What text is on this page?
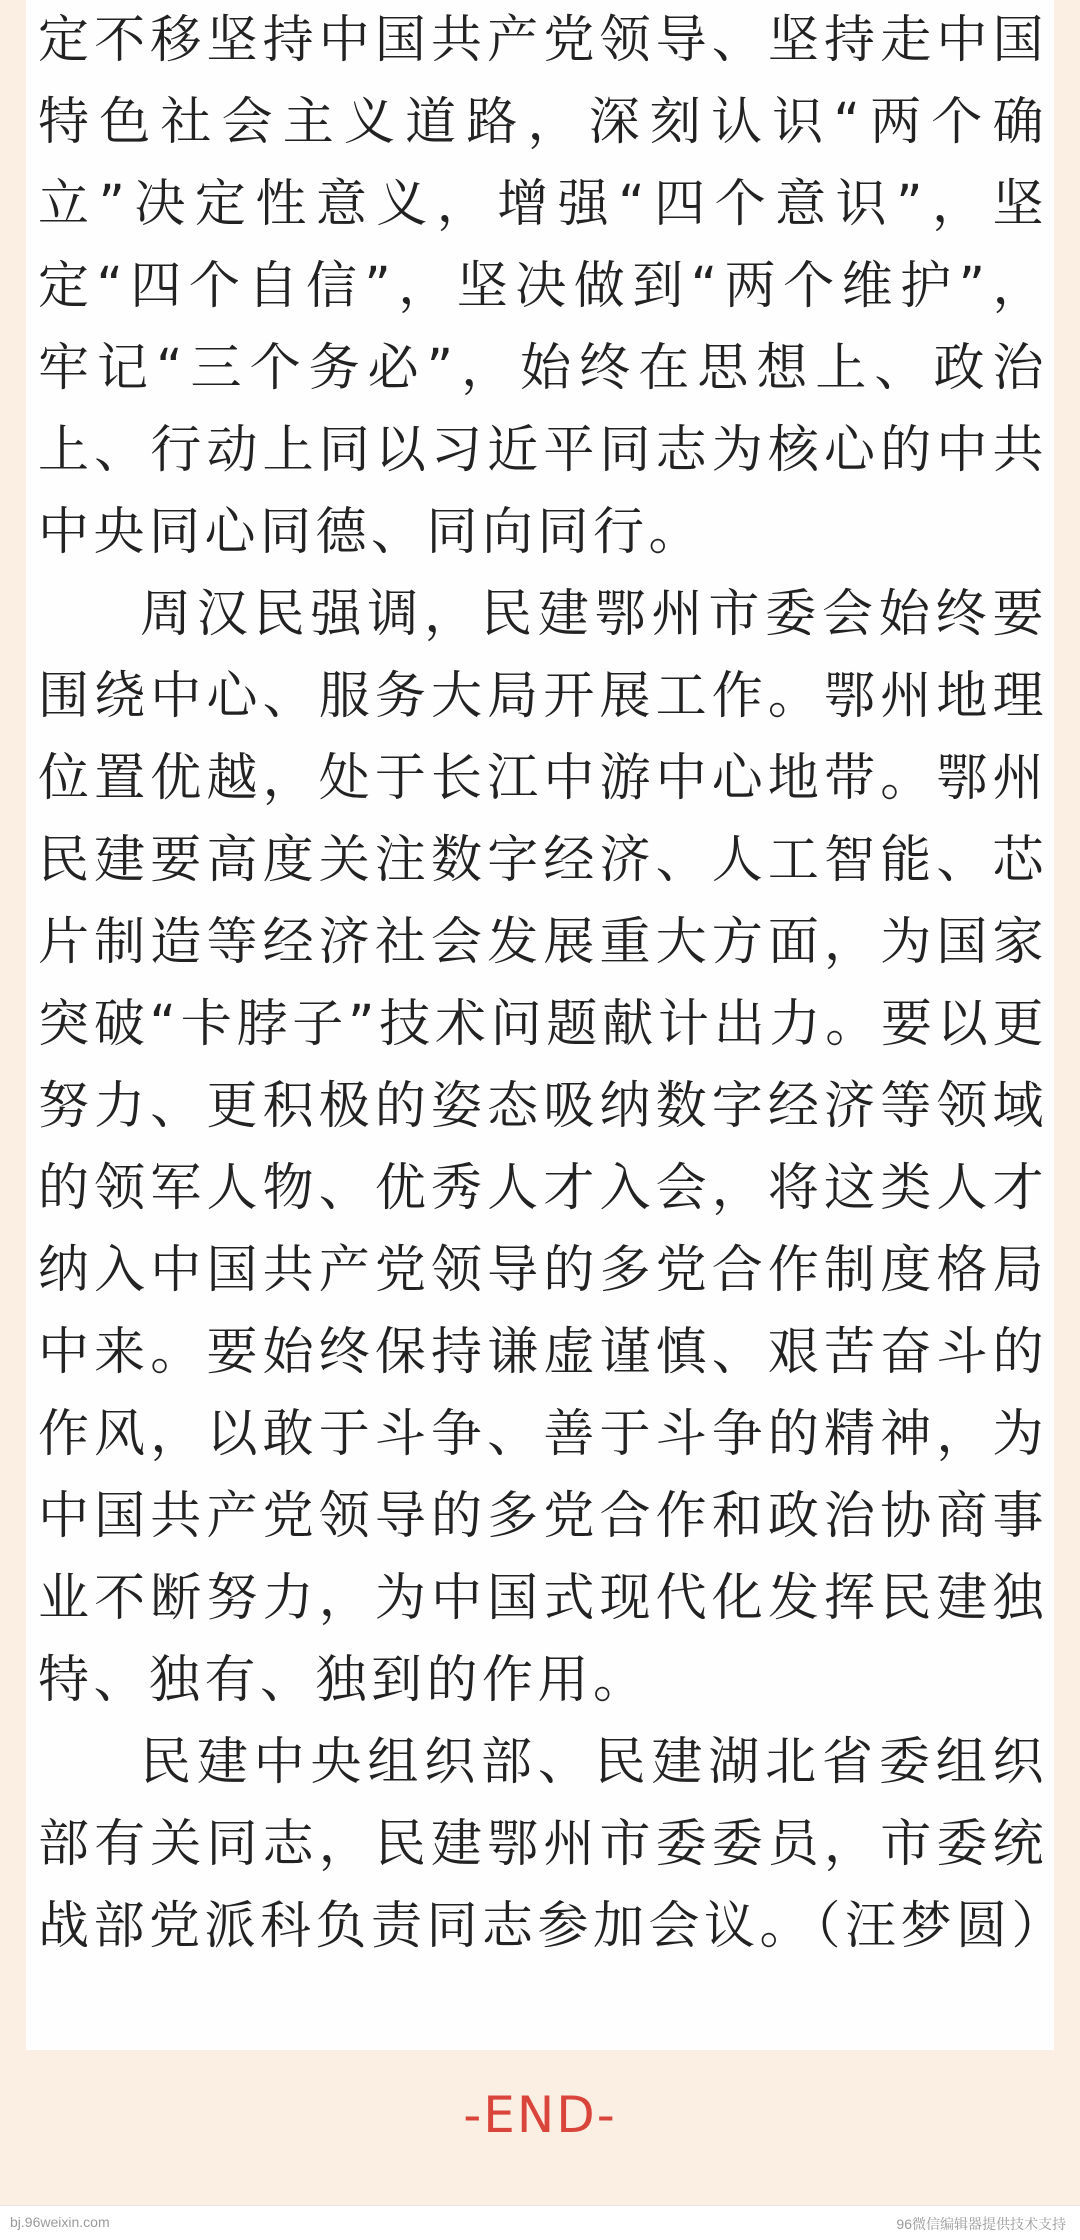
定不移坚持中国共产党领导、坚持走中国特色社会主义道路，深刻认识“两个确立”决定性意义，增强“四个意识”，坚定“四个自信”，坚决做到“两个维护”，牢记“三个务必”，始终在思想上、政治上、行动上同以习近平同志为核心的中共中央同心同德、同向同行。

周汉民强调，民建鄂州市委会始终要围绕中心、服务大局开展工作。鄂州地理位置优越，处于长江中游中心地带。鄂州民建要高度关注数字经济、人工智能、芯片制造等经济社会发展重大方面，为国家突破“卡脖子”技术问题献计出力。要以更努力、更积极的姿态吸纳数字经济等领域的领军人物、优秀人才入会，将这类人才纳入中国共产党领导的多党合作制度格局中来。要始终保持谦虚谨慎、艰苦奋斗的作风，以敢于斗争、善于斗争的精神，为中国共产党领导的多党合作和政治协商事业不断努力，为中国式现代化发挥民建独特、独有、独到的作用。

民建中央组织部、民建湖北省委组织部有关同志，民建鄂州市委委员，市委统战部党派科负责同志参加会议。（汪梦圆）

-END-
bj.96weixin.com	96微信编辑器提供技术支持
